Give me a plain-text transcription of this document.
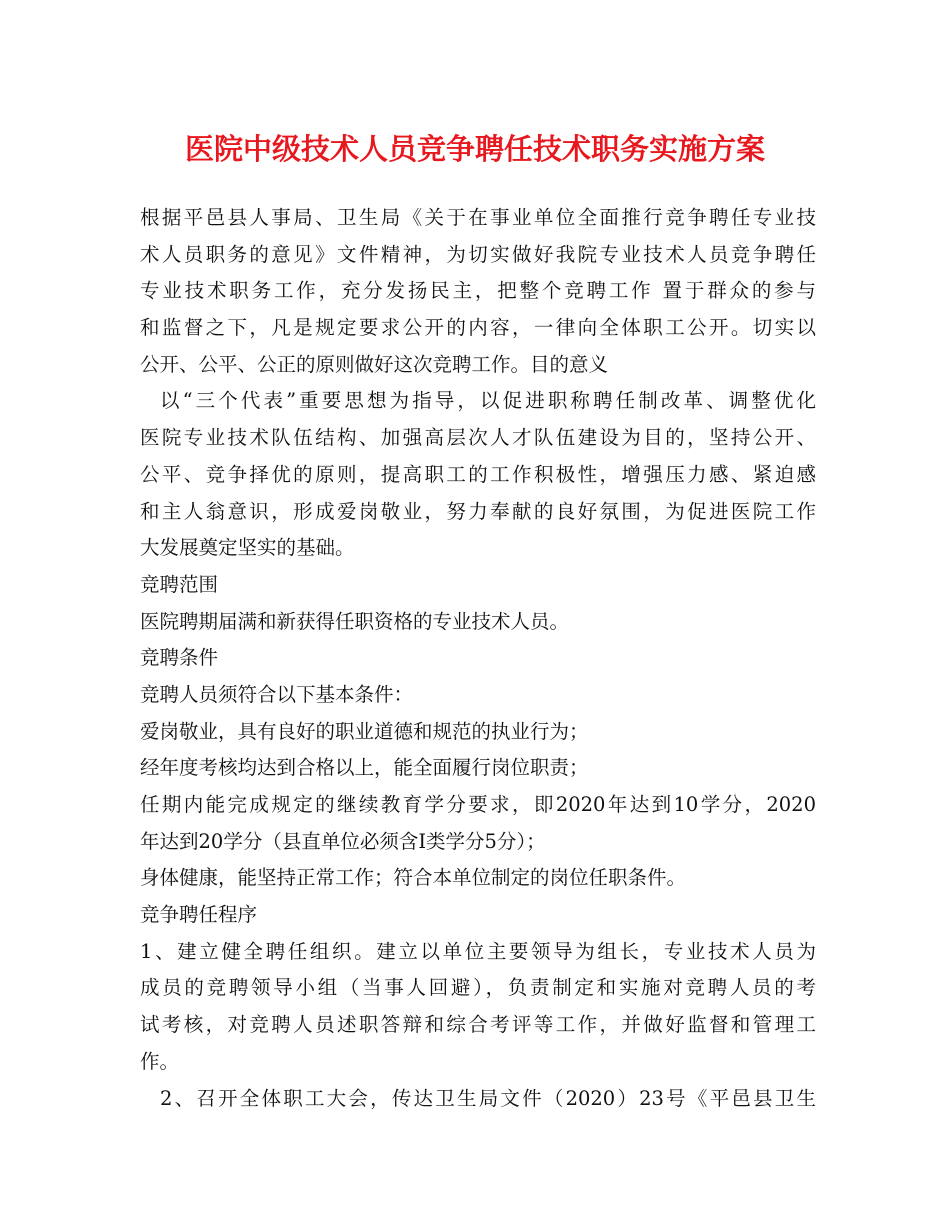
医院中级技术人员竞争聘任技术职务实施方案
根据平邑县人事局、卫生局《关于在事业单位全面推行竞争聘任专业技
术人员职务的意见》文件精神，为切实做好我院专业技术人员竞争聘任
专业技术职务工作，充分发扬民主，把整个竞聘工作 置于群众的参与
和监督之下，凡是规定要求公开的内容，一律向全体职工公开。切实以
公开、公平、公正的原则做好这次竞聘工作。目的意义
以“三个代表”重要思想为指导，以促进职称聘任制改革、调整优化
医院专业技术队伍结构、加强高层次人才队伍建设为目的，坚持公开、
公平、竞争择优的原则，提高职工的工作积极性，增强压力感、紧迫感
和主人翁意识，形成爱岗敬业，努力奉献的良好氛围，为促进医院工作
大发展奠定坚实的基础。
竞聘范围
医院聘期届满和新获得任职资格的专业技术人员。
竞聘条件
竞聘人员须符合以下基本条件：
爱岗敬业，具有良好的职业道德和规范的执业行为；
经年度考核均达到合格以上，能全面履行岗位职责；
任期内能完成规定的继续教育学分要求，即2020年达到10学分，2020
年达到20学分（县直单位必须含Ⅰ类学分5分）；
身体健康，能坚持正常工作；符合本单位制定的岗位任职条件。
竞争聘任程序
1、建立健全聘任组织。建立以单位主要领导为组长，专业技术人员为
成员的竞聘领导小组（当事人回避），负责制定和实施对竞聘人员的考
试考核，对竞聘人员述职答辩和综合考评等工作，并做好监督和管理工
作。
2、召开全体职工大会，传达卫生局文件（2020）23号《平邑县卫生
